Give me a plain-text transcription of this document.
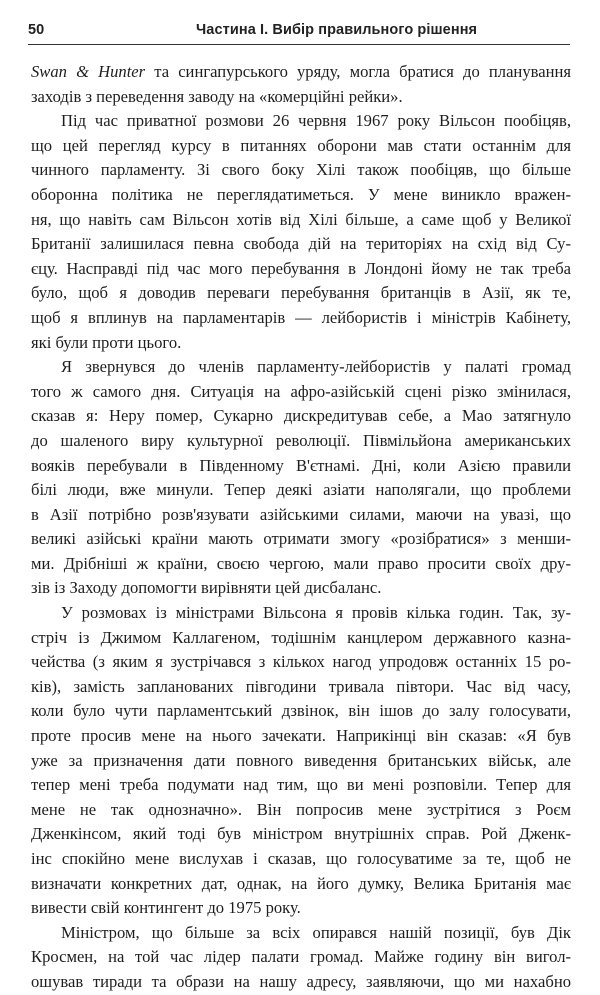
50	Частина І. Вибір правильного рішення
Swan & Hunter та сингапурського уряду, могла братися до планування
заходів з переведення заводу на «комерційні рейки».
Під час приватної розмови 26 червня 1967 року Вільсон пообіцяв,
що цей перегляд курсу в питаннях оборони мав стати останнім для
чинного парламенту. Зі свого боку Хілі також пообіцяв, що більше
оборонна політика не переглядатиметься. У мене виникло вражен-
ня, що навіть сам Вільсон хотів від Хілі більше, а саме щоб у Великої
Британії залишилася певна свобода дій на територіях на схід від Су-
єцу. Насправді під час мого перебування в Лондоні йому не так треба
було, щоб я доводив переваги перебування британців в Азії, як те,
щоб я вплинув на парламентарів — лейбористів і міністрів Кабінету,
які були проти цього.
Я звернувся до членів парламенту-лейбористів у палаті громад
того ж самого дня. Ситуація на афро-азійській сцені різко змінилася,
сказав я: Неру помер, Сукарно дискредитував себе, а Мао затягнуло
до шаленого виру культурної революції. Півмільйона американських
вояків перебували в Південному В'єтнамі. Дні, коли Азією правили
білі люди, вже минули. Тепер деякі азіати наполягали, що проблеми
в Азії потрібно розв'язувати азійськими силами, маючи на увазі, що
великі азійські країни мають отримати змогу «розібратися» з менши-
ми. Дрібніші ж країни, своєю чергою, мали право просити своїх дру-
зів із Заходу допомогти вирівняти цей дисбаланс.
У розмовах із міністрами Вільсона я провів кілька годин. Так, зу-
стріч із Джимом Каллагеном, тодішнім канцлером державного казна-
чейства (з яким я зустрічався з кількох нагод упродовж останніх 15 ро-
ків), замість запланованих півгодини тривала півтори. Час від часу,
коли було чути парламентський дзвінок, він ішов до залу голосувати,
проте просив мене на нього зачекати. Наприкінці він сказав: «Я був
уже за призначення дати повного виведення британських військ, але
тепер мені треба подумати над тим, що ви мені розповіли. Тепер для
мене не так однозначно». Він попросив мене зустрітися з Роєм
Дженкінсом, який тоді був міністром внутрішніх справ. Рой Дженк-
інс спокійно мене вислухав і сказав, що голосуватиме за те, щоб не
визначати конкретних дат, однак, на його думку, Велика Британія має
вивести свій контингент до 1975 року.
Міністром, що більше за всіх опирався нашій позиції, був Дік
Кросмен, на той час лідер палати громад. Майже годину він вигол-
ошував тиради та образи на нашу адресу, заявляючи, що ми нахабно
